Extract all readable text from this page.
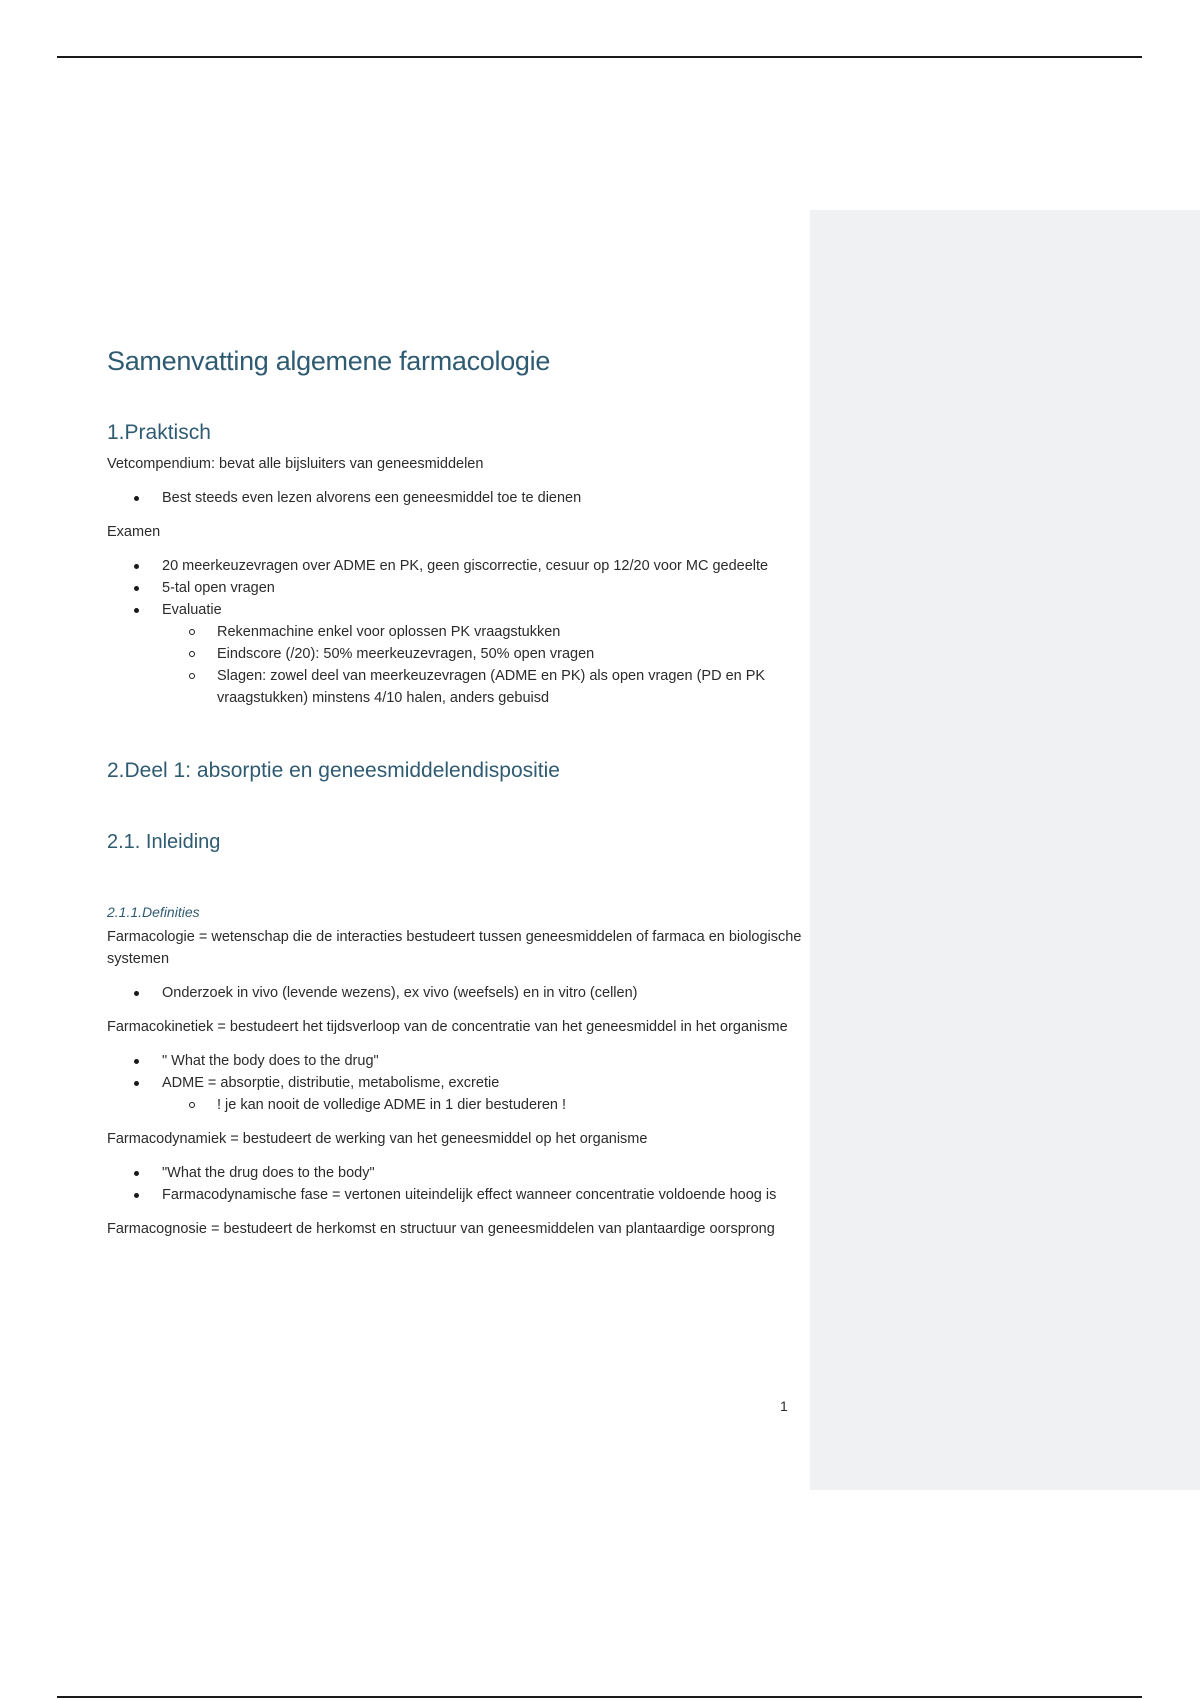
Samenvatting algemene farmacologie
1.Praktisch

Vetcompendium: bevat alle bijsluiters van geneesmiddelen

Best steeds even lezen alvorens een geneesmiddel toe te dienen

Examen

20 meerkeuzevragen over ADME en PK, geen giscorrectie, cesuur op 12/20 voor MC gedeelte
5-tal open vragen
Evaluatie
Rekenmachine enkel voor oplossen PK vraagstukken
Eindscore (/20): 50% meerkeuzevragen, 50% open vragen
Slagen: zowel deel van meerkeuzevragen (ADME en PK) als open vragen (PD en PK vraagstukken) minstens 4/10 halen, anders gebuisd
2.Deel 1: absorptie en geneesmiddelendispositie
2.1. Inleiding
2.1.1.Definities

Farmacologie = wetenschap die de interacties bestudeert tussen geneesmiddelen of farmaca en biologische systemen

Onderzoek in vivo (levende wezens), ex vivo (weefsels) en in vitro (cellen)

Farmacokinetiek = bestudeert het tijdsverloop van de concentratie van het geneesmiddel in het organisme

" What the body does to the drug"
ADME = absorptie, distributie, metabolisme, excretie
! je kan nooit de volledige ADME in 1 dier bestuderen !

Farmacodynamiek = bestudeert de werking van het geneesmiddel op het organisme

"What the drug does to the body"
Farmacodynamische fase = vertonen uiteindelijk effect wanneer concentratie voldoende hoog is

Farmacognosie = bestudeert de herkomst en structuur van geneesmiddelen van plantaardige oorsprong

1
